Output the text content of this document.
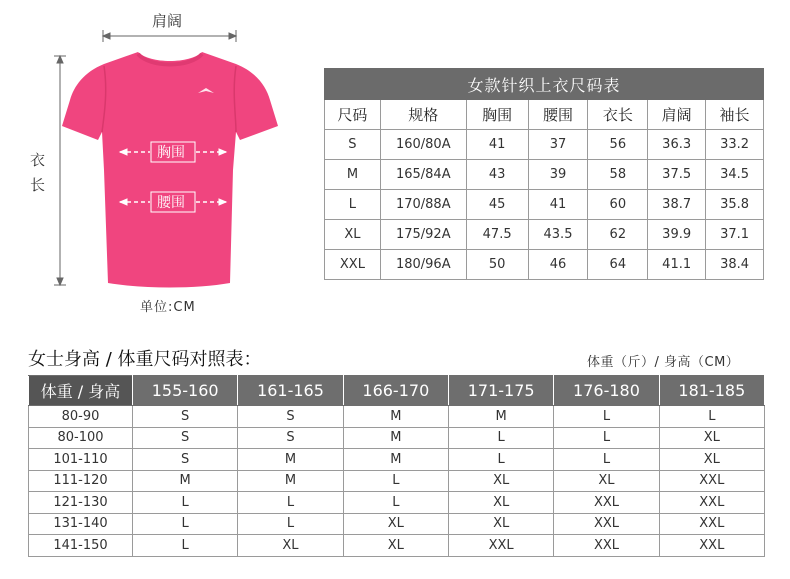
肩阔
衣
长
胸围
腰围
单位:CM
女款针织上衣尺码表						
尺码	规格	胸围	腰围	衣长	肩阔	袖长
S	160/80A	41	37	56	36.3	33.2
M	165/84A	43	39	58	37.5	34.5
L	170/88A	45	41	60	38.7	35.8
XL	175/92A	47.5	43.5	62	39.9	37.1
XXL	180/96A	50	46	64	41.1	38.4
女士身高 / 体重尺码对照表：	体重（斤）/ 身高（CM）
体重 / 身高	155-160	161-165	166-170	171-175	176-180	181-185
80-90	S	S	M	M	L	L
80-100	S	S	M	L	L	XL
101-110	S	M	M	L	L	XL
111-120	M	M	L	XL	XL	XXL
121-130	L	L	L	XL	XXL	XXL
131-140	L	L	XL	XL	XXL	XXL
141-150	L	XL	XL	XXL	XXL	XXL
